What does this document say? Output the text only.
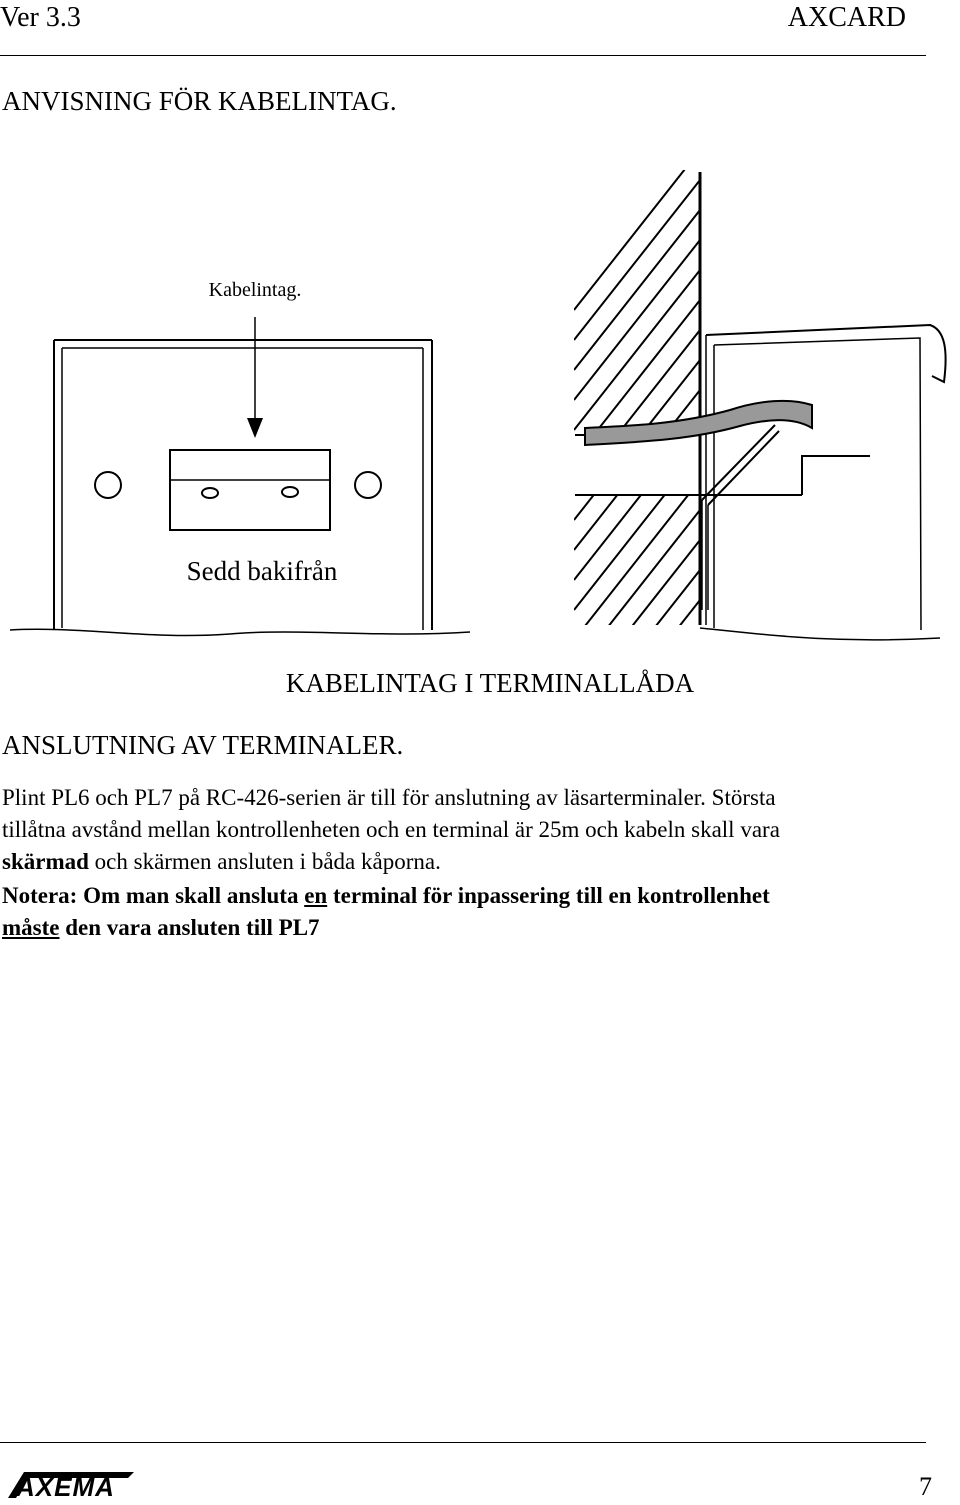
Ver 3.3	AXCARD
ANVISNING FÖR KABELINTAG.
Kabelintag.
Sedd bakifrån
KABELINTAG I TERMINALLÅDA
ANSLUTNING AV TERMINALER.
Plint PL6 och PL7 på RC-426-serien är till för anslutning av läsarterminaler. Största
tillåtna avstånd mellan kontrollenheten och en terminal är 25m och kabeln skall vara
skärmad och skärmen ansluten i båda kåporna.
Notera: Om man skall ansluta en terminal för inpassering till en kontrollenhet
måste den vara ansluten till PL7
AXEMA	7
